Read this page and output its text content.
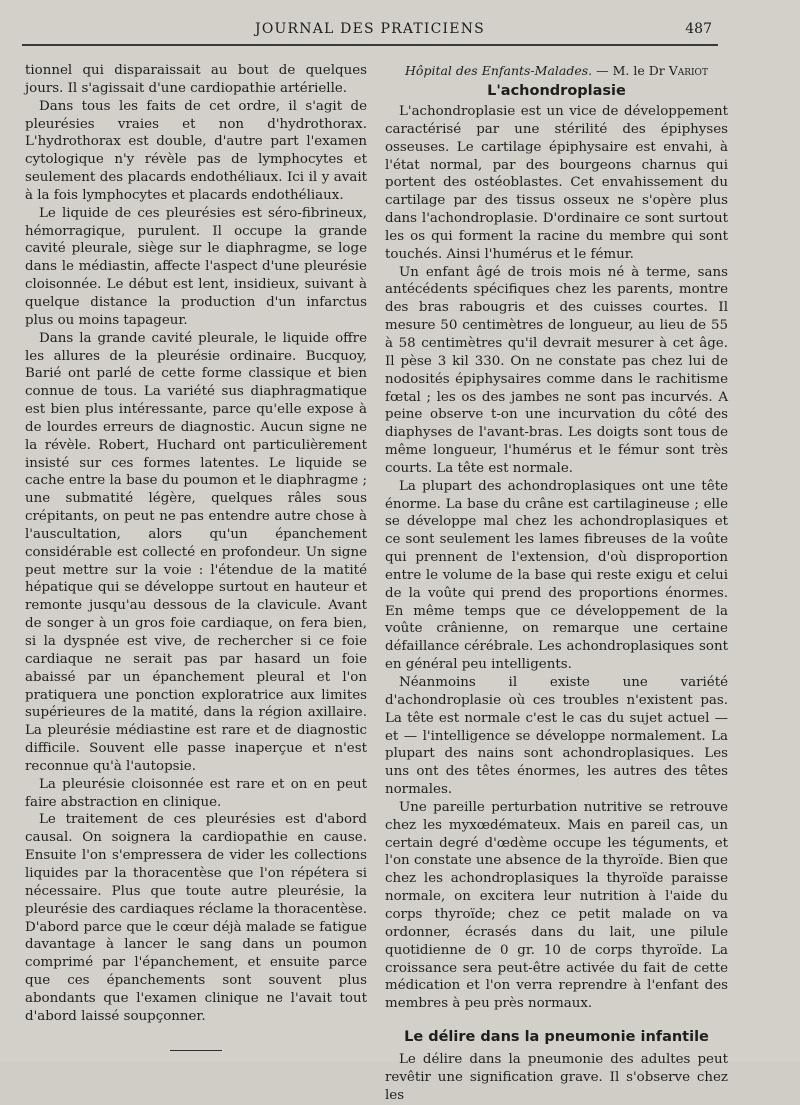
JOURNAL DES PRATICIENS	487

tionnel qui disparaissait au bout de quelques jours. Il s'agissait d'une cardiopathie artérielle.

Dans tous les faits de cet ordre, il s'agit de pleurésies vraies et non d'hydrothorax. L'hydrothorax est double, d'autre part l'examen cytologique n'y révèle pas de lymphocytes et seulement des placards endothéliaux. Ici il y avait à la fois lymphocytes et placards endothéliaux.

Le liquide de ces pleurésies est séro-fibrineux, hémorragique, purulent. Il occupe la grande cavité pleurale, siège sur le diaphragme, se loge dans le médiastin, affecte l'aspect d'une pleurésie cloisonnée. Le début est lent, insidieux, suivant à quelque distance la production d'un infarctus plus ou moins tapageur.

Dans la grande cavité pleurale, le liquide offre les allures de la pleurésie ordinaire. Bucquoy, Barié ont parlé de cette forme classique et bien connue de tous. La variété sus diaphragmatique est bien plus intéressante, parce qu'elle expose à de lourdes erreurs de diagnostic. Aucun signe ne la révèle. Robert, Huchard ont particulièrement insisté sur ces formes latentes. Le liquide se cache entre la base du poumon et le diaphragme ; une submatité légère, quelques râles sous crépitants, on peut ne pas entendre autre chose à l'auscultation, alors qu'un épanchement considérable est collecté en profondeur. Un signe peut mettre sur la voie : l'étendue de la matité hépatique qui se développe surtout en hauteur et remonte jusqu'au dessous de la clavicule. Avant de songer à un gros foie cardiaque, on fera bien, si la dyspnée est vive, de rechercher si ce foie cardiaque ne serait pas par hasard un foie abaissé par un épanchement pleural et l'on pratiquera une ponction exploratrice aux limites supérieures de la matité, dans la région axillaire. La pleurésie médiastine est rare et de diagnostic difficile. Souvent elle passe inaperçue et n'est reconnue qu'à l'autopsie.

La pleurésie cloisonnée est rare et on en peut faire abstraction en clinique.

Le traitement de ces pleurésies est d'abord causal. On soignera la cardiopathie en cause. Ensuite l'on s'empressera de vider les collections liquides par la thoracentèse que l'on répétera si nécessaire. Plus que toute autre pleurésie, la pleurésie des cardiaques réclame la thoracentèse. D'abord parce que le cœur déjà malade se fatigue davantage à lancer le sang dans un poumon comprimé par l'épanchement, et ensuite parce que ces épanchements sont souvent plus abondants que l'examen clinique ne l'avait tout d'abord laissé soupçonner.

Hôpital des Enfants-Malades. — M. le Dr Variot
L'achondroplasie

L'achondroplasie est un vice de développement caractérisé par une stérilité des épiphyses osseuses. Le cartilage épiphysaire est envahi, à l'état normal, par des bourgeons charnus qui portent des ostéoblastes. Cet envahissement du cartilage par des tissus osseux ne s'opère plus dans l'achondroplasie. D'ordinaire ce sont surtout les os qui forment la racine du membre qui sont touchés. Ainsi l'humérus et le fémur.

Un enfant âgé de trois mois né à terme, sans antécédents spécifiques chez les parents, montre des bras rabougris et des cuisses courtes. Il mesure 50 centimètres de longueur, au lieu de 55 à 58 centimètres qu'il devrait mesurer à cet âge. Il pèse 3 kil 330. On ne constate pas chez lui de nodosités épiphysaires comme dans le rachitisme fœtal ; les os des jambes ne sont pas incurvés. A peine observe t-on une incurvation du côté des diaphyses de l'avant-bras. Les doigts sont tous de même longueur, l'humérus et le fémur sont très courts. La tête est normale.

La plupart des achondroplasiques ont une tête énorme. La base du crâne est cartilagineuse ; elle se développe mal chez les achondroplasiques et ce sont seulement les lames fibreuses de la voûte qui prennent de l'extension, d'où disproportion entre le volume de la base qui reste exigu et celui de la voûte qui prend des proportions énormes. En même temps que ce développement de la voûte crânienne, on remarque une certaine défaillance cérébrale. Les achondroplasiques sont en général peu intelligents.

Néanmoins il existe une variété d'achondroplasie où ces troubles n'existent pas. La tête est normale c'est le cas du sujet actuel — et — l'intelligence se développe normalement. La plupart des nains sont achondroplasiques. Les uns ont des têtes énormes, les autres des têtes normales.

Une pareille perturbation nutritive se retrouve chez les myxœdémateux. Mais en pareil cas, un certain degré d'œdème occupe les téguments, et l'on constate une absence de la thyroïde. Bien que chez les achondroplasiques la thyroïde paraisse normale, on excitera leur nutrition à l'aide du corps thyroïde; chez ce petit malade on va ordonner, écrasés dans du lait, une pilule quotidienne de 0 gr. 10 de corps thyroïde. La croissance sera peut-être activée du fait de cette médication et l'on verra reprendre à l'enfant des membres à peu près normaux.

Le délire dans la pneumonie infantile

Le délire dans la pneumonie des adultes peut revêtir une signification grave. Il s'observe chez les
